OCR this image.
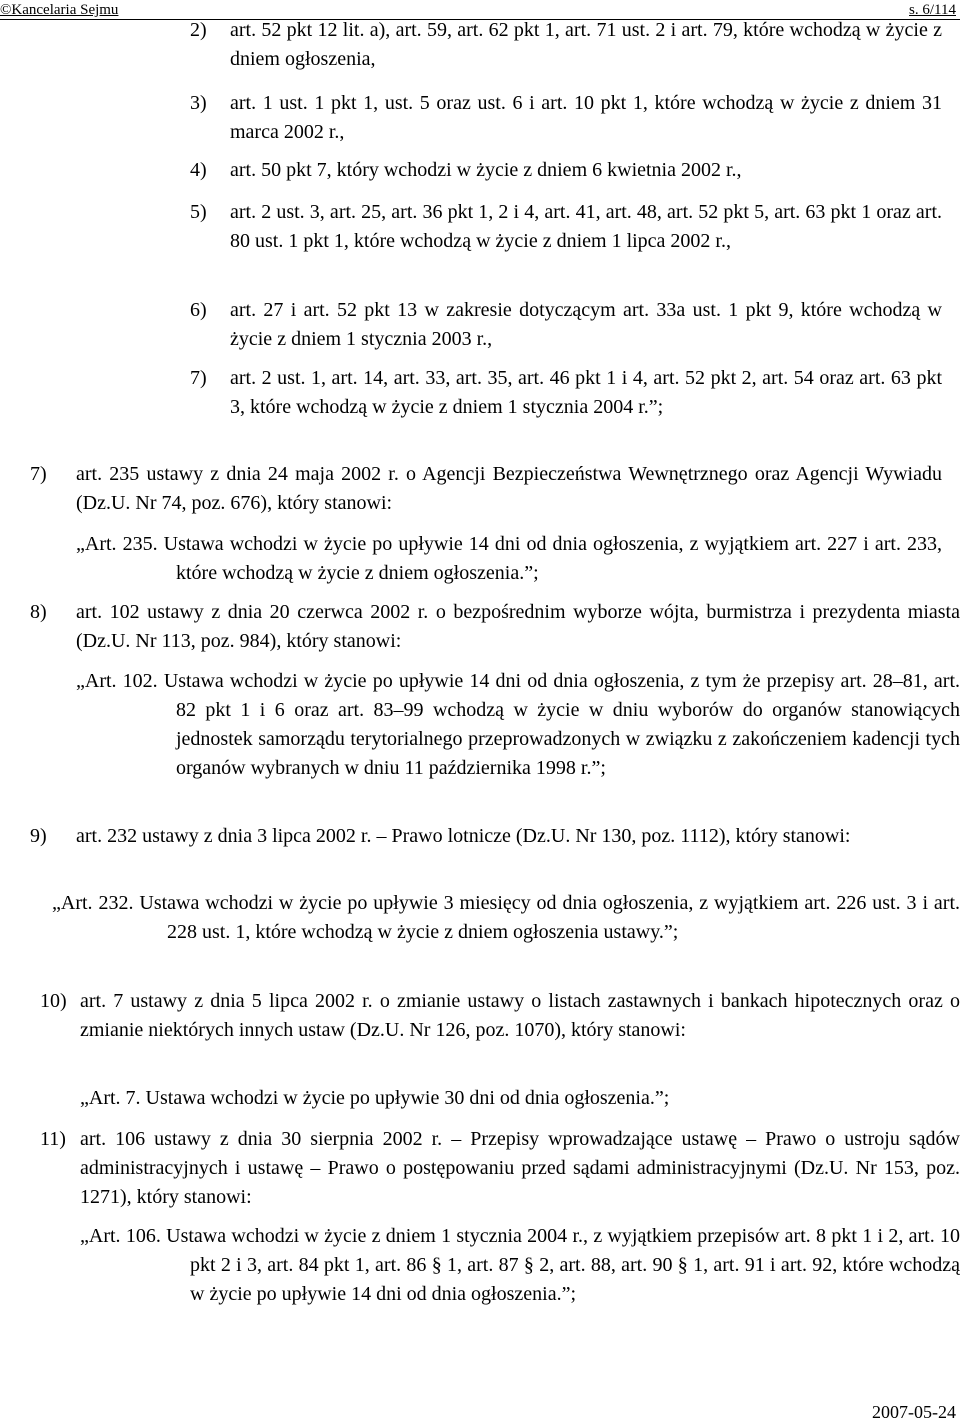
©Kancelaria Sejmu	s. 6/114
2)	art. 52 pkt 12 lit. a), art. 59, art. 62 pkt 1, art. 71 ust. 2 i art. 79, które wchodzą w życie z dniem ogłoszenia,
3)	art. 1 ust. 1 pkt 1, ust. 5 oraz ust. 6 i art. 10 pkt 1, które wchodzą w życie z dniem 31 marca 2002 r.,
4)	art. 50 pkt 7, który wchodzi w życie z dniem 6 kwietnia 2002 r.,
5)	art. 2 ust. 3, art. 25, art. 36 pkt 1, 2 i 4, art. 41, art. 48, art. 52 pkt 5, art. 63 pkt 1 oraz art. 80 ust. 1 pkt 1, które wchodzą w życie z dniem 1 lipca 2002 r.,
6)	art. 27 i art. 52 pkt 13 w zakresie dotyczącym art. 33a ust. 1 pkt 9, które wchodzą w życie z dniem 1 stycznia 2003 r.,
7)	art. 2 ust. 1, art. 14, art. 33, art. 35, art. 46 pkt 1 i 4, art. 52 pkt 2, art. 54 oraz art. 63 pkt 3, które wchodzą w życie z dniem 1 stycznia 2004 r.”;
7)	art. 235 ustawy z dnia 24 maja 2002 r. o Agencji Bezpieczeństwa Wewnętrznego oraz Agencji Wywiadu (Dz.U. Nr 74, poz. 676), który stanowi:
„Art. 235. Ustawa wchodzi w życie po upływie 14 dni od dnia ogłoszenia, z wyjątkiem art. 227 i art. 233, które wchodzą w życie z dniem ogłoszenia.”;
8)	art. 102 ustawy z dnia 20 czerwca 2002 r. o bezpośrednim wyborze wójta, burmistrza i prezydenta miasta (Dz.U. Nr 113, poz. 984), który stanowi:
„Art. 102. Ustawa wchodzi w życie po upływie 14 dni od dnia ogłoszenia, z tym że przepisy art. 28–81, art. 82 pkt 1 i 6 oraz art. 83–99 wchodzą w życie w dniu wyborów do organów stanowiących jednostek samorządu terytorialnego przeprowadzonych w związku z zakończeniem kadencji tych organów wybranych w dniu 11 października 1998 r.”;
9)	art. 232 ustawy z dnia 3 lipca 2002 r. – Prawo lotnicze (Dz.U. Nr 130, poz. 1112), który stanowi:
„Art. 232. Ustawa wchodzi w życie po upływie 3 miesięcy od dnia ogłoszenia, z wyjątkiem art. 226 ust. 3 i art. 228 ust. 1, które wchodzą w życie z dniem ogłoszenia ustawy.”;
10) art. 7 ustawy z dnia 5 lipca 2002 r. o zmianie ustawy o listach zastawnych i bankach hipotecznych oraz o zmianie niektórych innych ustaw (Dz.U. Nr 126, poz. 1070), który stanowi:
„Art. 7. Ustawa wchodzi w życie po upływie 30 dni od dnia ogłoszenia.”;
11) art. 106 ustawy z dnia 30 sierpnia 2002 r. – Przepisy wprowadzające ustawę – Prawo o ustroju sądów administracyjnych i ustawę – Prawo o postępowaniu przed sądami administracyjnymi (Dz.U. Nr 153, poz. 1271), który stanowi:
„Art. 106. Ustawa wchodzi w życie z dniem 1 stycznia 2004 r., z wyjątkiem przepisów art. 8 pkt 1 i 2, art. 10 pkt 2 i 3, art. 84 pkt 1, art. 86 § 1, art. 87 § 2, art. 88, art. 90 § 1, art. 91 i art. 92, które wchodzą w życie po upływie 14 dni od dnia ogłoszenia.”;
2007-05-24
